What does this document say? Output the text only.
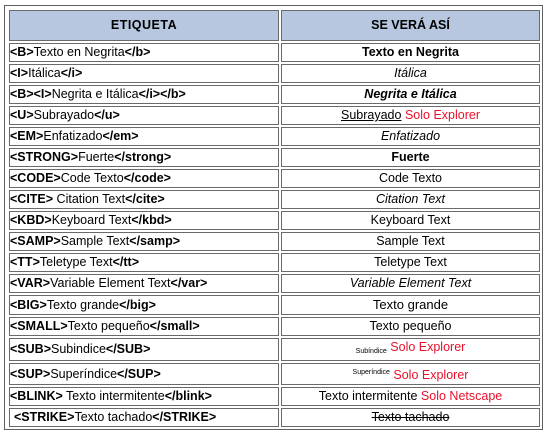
ETIQUETA	SE VERÁ ASÍ
<B>Texto en Negrita</b>	Texto en Negrita
<I>Itálica</i>	Itálica
<B><I>Negrita e Itálica</i></b>	Negrita e Itálica
<U>Subrayado</u>	Subrayado Solo Explorer
<EM>Enfatizado</em>	Enfatizado
<STRONG>Fuerte</strong>	Fuerte
<CODE>Code Texto</code>	Code Texto
<CITE> Citation Text</cite>	Citation Text
<KBD>Keyboard Text</kbd>	Keyboard Text
<SAMP>Sample Text</samp>	Sample Text
<TT>Teletype Text</tt>	Teletype Text
<VAR>Variable Element Text</var>	Variable Element Text
<BIG>Texto grande</big>	Texto grande
<SMALL>Texto pequeño</small>	Texto pequeño
<SUB>Subindice</SUB>	Subíndice Solo Explorer
<SUP>Superíndice</SUP>	$^{Superíndice}$ Solo Explorer
<BLINK> Texto intermitente</blink>	Texto intermitente Solo Netscape
<STRIKE>Texto tachado</STRIKE>	Texto tachado
